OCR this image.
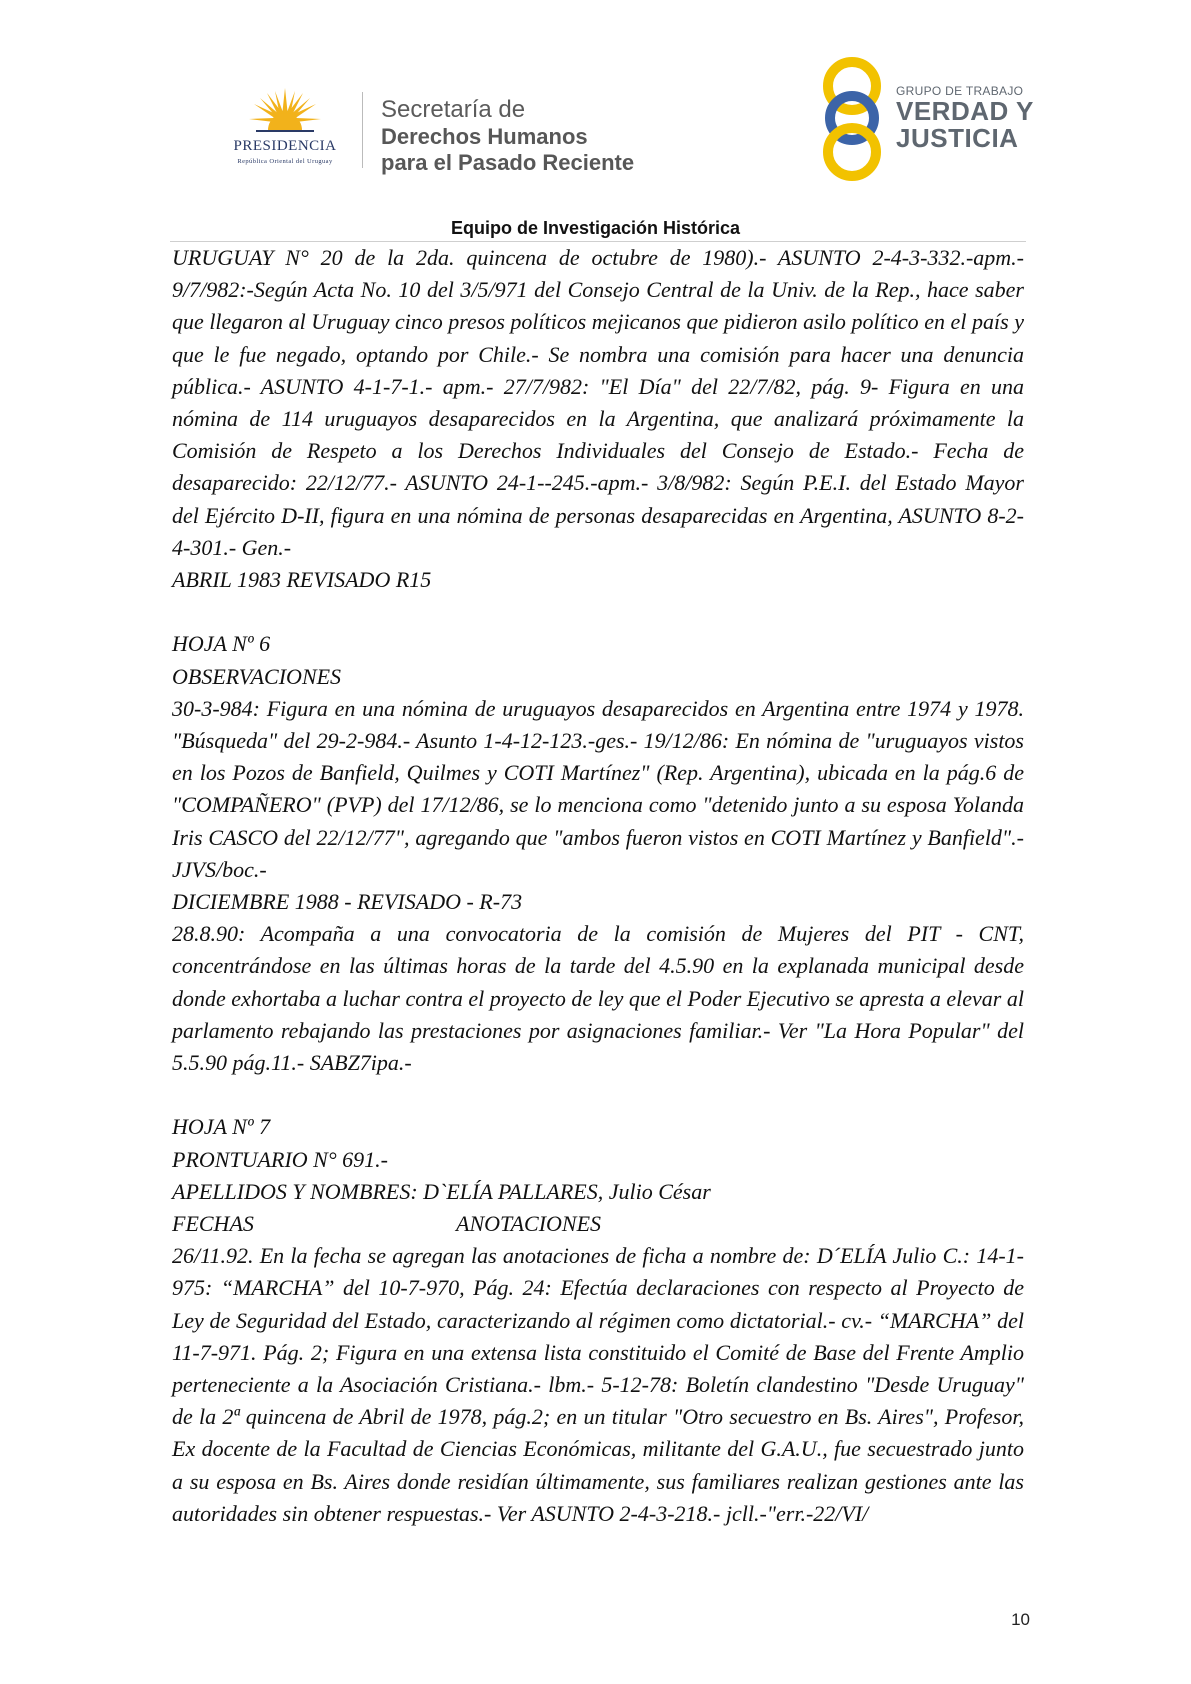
PRESIDENCIA
República Oriental del Uruguay
Secretaría de
Derechos Humanos
para el Pasado Reciente
GRUPO DE TRABAJO
VERDAD Y
JUSTICIA
Equipo de Investigación Histórica

URUGUAY N° 20 de la 2da. quincena de octubre de 1980).- ASUNTO 2-4-3-332.-apm.- 9/7/982:-Según Acta No. 10 del 3/5/971 del Consejo Central de la Univ. de la Rep., hace saber que llegaron al Uruguay cinco presos políticos mejicanos que pidieron asilo político en el país y que le fue negado, optando por Chile.- Se nombra una comisión para hacer una denuncia pública.- ASUNTO 4-1-7-1.- apm.- 27/7/982: "El Día" del 22/7/82, pág. 9- Figura en una nómina de 114 uruguayos desaparecidos en la Argentina, que analizará próximamente la Comisión de Respeto a los Derechos Individuales del Consejo de Estado.- Fecha de desaparecido: 22/12/77.- ASUNTO 24-1--245.-apm.- 3/8/982: Según P.E.I. del Estado Mayor del Ejército D-II, figura en una nómina de personas desaparecidas en Argentina, ASUNTO 8-2-4-301.- Gen.-

ABRIL 1983 REVISADO R15
HOJA Nº 6
OBSERVACIONES

30-3-984: Figura en una nómina de uruguayos desaparecidos en Argentina entre 1974 y 1978. "Búsqueda" del 29-2-984.- Asunto 1-4-12-123.-ges.- 19/12/86: En nómina de "uruguayos vistos en los Pozos de Banfield, Quilmes y COTI Martínez" (Rep. Argentina), ubicada en la pág.6 de "COMPAÑERO" (PVP) del 17/12/86, se lo menciona como "detenido junto a su esposa Yolanda Iris CASCO del 22/12/77", agregando que "ambos fueron vistos en COTI Martínez y Banfield".-JJVS/boc.-

DICIEMBRE 1988 - REVISADO - R-73

28.8.90: Acompaña a una convocatoria de la comisión de Mujeres del PIT - CNT, concentrándose en las últimas horas de la tarde del 4.5.90 en la explanada municipal desde donde exhortaba a luchar contra el proyecto de ley que el Poder Ejecutivo se apresta a elevar al parlamento rebajando las prestaciones por asignaciones familiar.- Ver "La Hora Popular" del 5.5.90 pág.11.- SABZ7ipa.-

HOJA Nº 7
PRONTUARIO N° 691.-
APELLIDOS Y NOMBRES: D`ELÍA PALLARES, Julio César
FECHAS	ANOTACIONES

26/11.92. En la fecha se agregan las anotaciones de ficha a nombre de: D´ELÍA Julio C.: 14-1-975: “MARCHA” del 10-7-970, Pág. 24: Efectúa declaraciones con respecto al Proyecto de Ley de Seguridad del Estado, caracterizando al régimen como dictatorial.- cv.- “MARCHA” del 11-7-971. Pág. 2; Figura en una extensa lista constituido el Comité de Base del Frente Amplio perteneciente a la Asociación Cristiana.- lbm.- 5-12-78: Boletín clandestino "Desde Uruguay" de la 2ª quincena de Abril de 1978, pág.2; en un titular "Otro secuestro en Bs. Aires", Profesor, Ex docente de la Facultad de Ciencias Económicas, militante del G.A.U., fue secuestrado junto a su esposa en Bs. Aires donde residían últimamente, sus familiares realizan gestiones ante las autoridades sin obtener respuestas.- Ver ASUNTO 2-4-3-218.- jcll.-"err.-22/VI/

10
